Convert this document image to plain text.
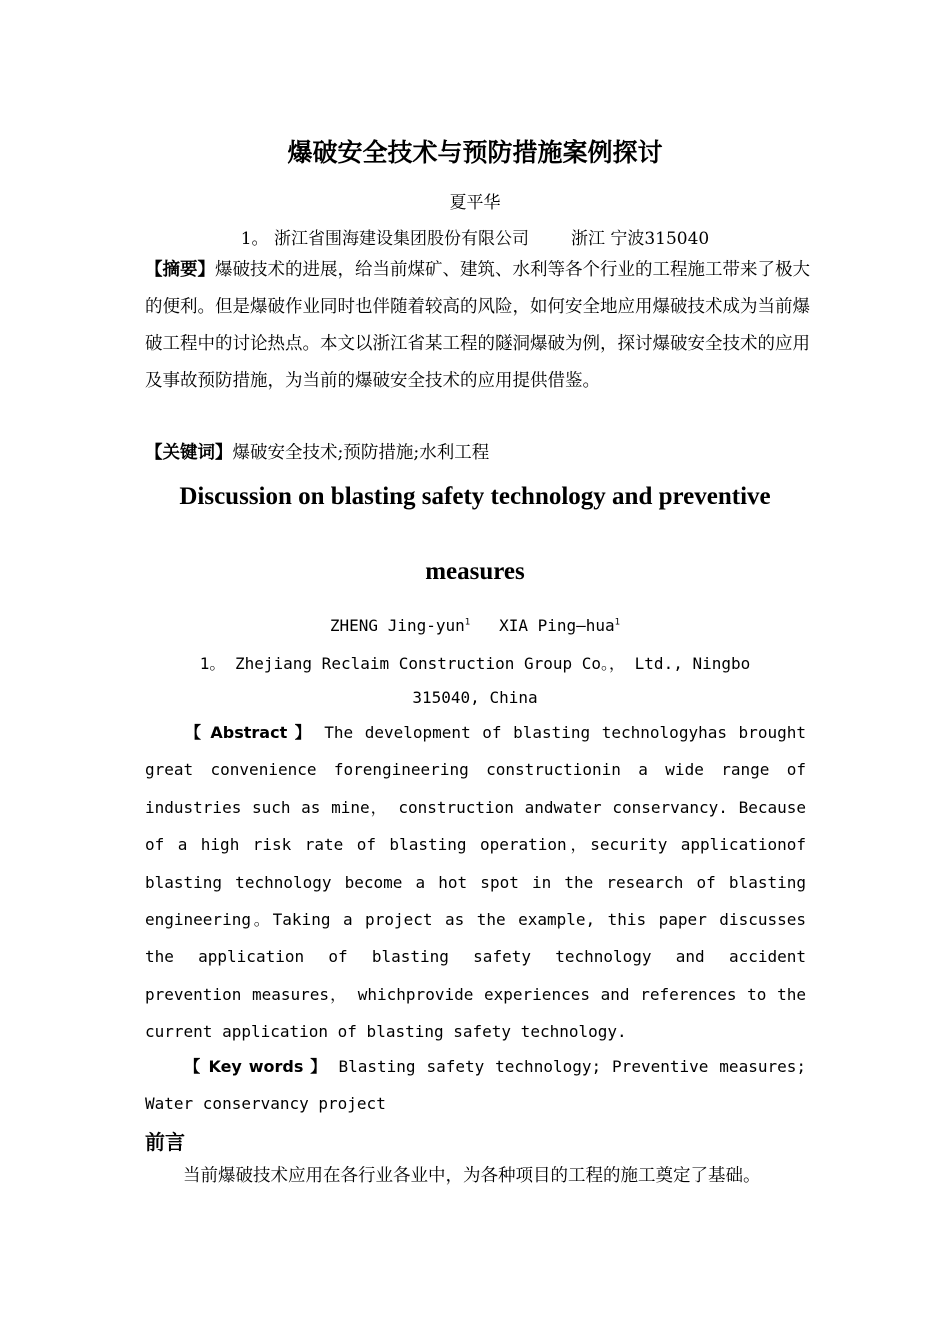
爆破安全技术与预防措施案例探讨
夏平华
1。 浙江省围海建设集团股份有限公司 浙江 宁波315040
【摘要】爆破技术的进展，给当前煤矿、建筑、水利等各个行业的工程施工带来了极大的便利。但是爆破作业同时也伴随着较高的风险，如何安全地应用爆破技术成为当前爆破工程中的讨论热点。本文以浙江省某工程的隧洞爆破为例，探讨爆破安全技术的应用及事故预防措施，为当前的爆破安全技术的应用提供借鉴。
【关键词】爆破安全技术;预防措施;水利工程
Discussion on blasting safety technology and preventive
measures
ZHENG Jing-yun$^1$ XIA Ping—hua$^1$
1。 Zhejiang Reclaim Construction Group Co。， Ltd., Ningbo
315040, China
【 Abstract 】 The development of blasting technologyhas brought great convenience forengineering constructionin a wide range of industries such as mine， construction andwater conservancy. Because of a high risk rate of blasting operation，security applicationof blasting technology become a hot spot in the research of blasting engineering。Taking a project as the example, this paper discusses the application of blasting safety technology and accident prevention measures， whichprovide experiences and references to the current application of blasting safety technology.
【 Key words 】 Blasting safety technology; Preventive measures; Water conservancy project
前言
当前爆破技术应用在各行业各业中，为各种项目的工程的施工奠定了基础。
